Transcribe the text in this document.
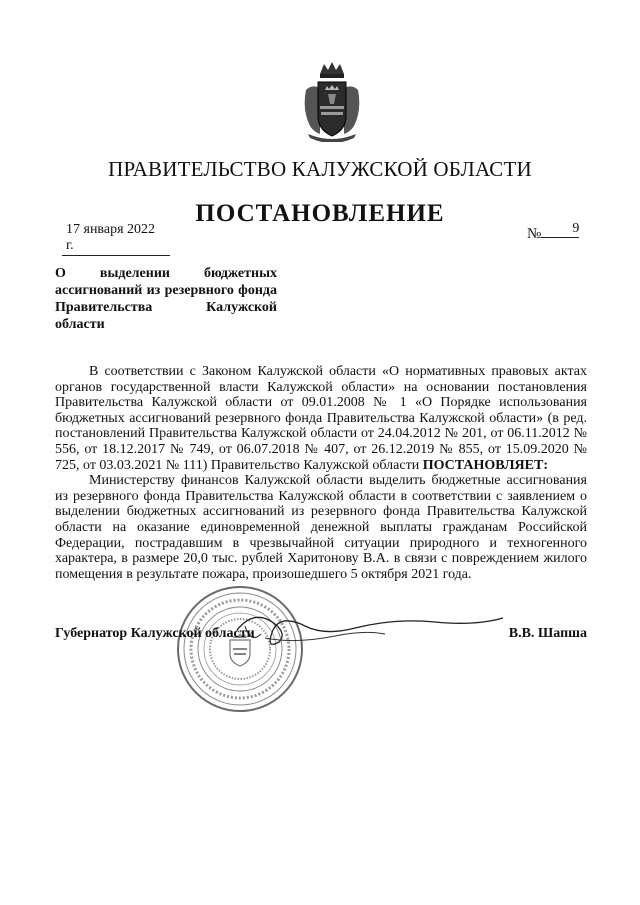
ПРАВИТЕЛЬСТВО КАЛУЖСКОЙ ОБЛАСТИ
ПОСТАНОВЛЕНИЕ
17 января 2022 г.
№ 9
О выделении бюджетных
ассигнований из резервного фонда
Правительства Калужской
области

В соответствии с Законом Калужской области «О нормативных правовых актах органов государственной власти Калужской области» на основании постановления Правительства Калужской области от 09.01.2008 № 1 «О Порядке использования бюджетных ассигнований резервного фонда Правительства Калужской области» (в ред. постановлений Правительства Калужской области от 24.04.2012 № 201, от 06.11.2012 № 556, от 18.12.2017 № 749, от 06.07.2018 № 407, от 26.12.2019 № 855, от 15.09.2020 № 725, от 03.03.2021 № 111) Правительство Калужской области ПОСТАНОВЛЯЕТ:

Министерству финансов Калужской области выделить бюджетные ассигнования из резервного фонда Правительства Калужской области в соответствии с заявлением о выделении бюджетных ассигнований из резервного фонда Правительства Калужской области на оказание единовременной денежной выплаты гражданам Российской Федерации, пострадавшим в чрезвычайной ситуации природного и техногенного характера, в размере 20,0 тыс. рублей Харитонову В.А. в связи с повреждением жилого помещения в результате пожара, произошедшего 5 октября 2021 года.

Губернатор Калужской области	В.В. Шапша
